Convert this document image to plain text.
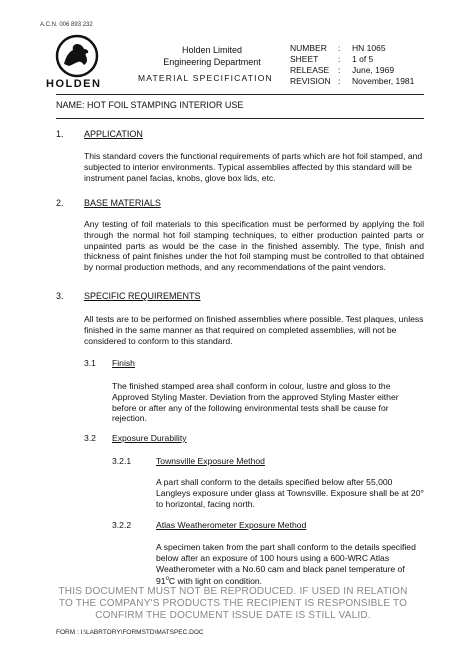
A.C.N. 006 893 232
HOLDEN
Holden Limited
Engineering Department
MATERIAL SPECIFICATION
NUMBER	:	HN 1065
SHEET	:	1 of 5
RELEASE	:	June, 1969
REVISION :	November, 1981
NAME: HOT FOIL STAMPING INTERIOR USE
1. APPLICATION
This standard covers the functional requirements of parts which are hot foil stamped, and subjected to interior environments. Typical assemblies affected by this standard will be instrument panel facias, knobs, glove box lids, etc.
2. BASE MATERIALS
Any testing of foil materials to this specification must be performed by applying the foil through the normal hot foil stamping techniques, to either production painted parts or unpainted parts as would be the case in the finished assembly. The type, finish and thickness of paint finishes under the hot foil stamping must be controlled to that obtained by normal production methods, and any recommendations of the paint vendors.
3. SPECIFIC REQUIREMENTS
All tests are to be performed on finished assemblies where possible. Test plaques, unless finished in the same manner as that required on completed assemblies, will not be considered to conform to this standard.
3.1 Finish
The finished stamped area shall conform in colour, lustre and gloss to the Approved Styling Master. Deviation from the approved Styling Master either before or after any of the following environmental tests shall be cause for rejection.
3.2 Exposure Durability
3.2.1	Townsville Exposure Method
A part shall conform to the details specified below after 55,000 Langleys exposure under glass at Townsville. Exposure shall be at 20° to horizontal, facing north.
3.2.2	Atlas Weatherometer Exposure Method
A specimen taken from the part shall conform to the details specified below after an exposure of 100 hours using a 600-WRC Atlas Weatherometer with a No.60 cam and black panel temperature of 91$^o$C with light on condition.
THIS DOCUMENT MUST NOT BE REPRODUCED. IF USED IN RELATION
TO THE COMPANY'S PRODUCTS THE RECIPIENT IS RESPONSIBLE TO
CONFIRM THE DOCUMENT ISSUE DATE IS STILL VALID.
FORM : I:\LABRTORY\FORMSTD\MATSPEC.DOC
